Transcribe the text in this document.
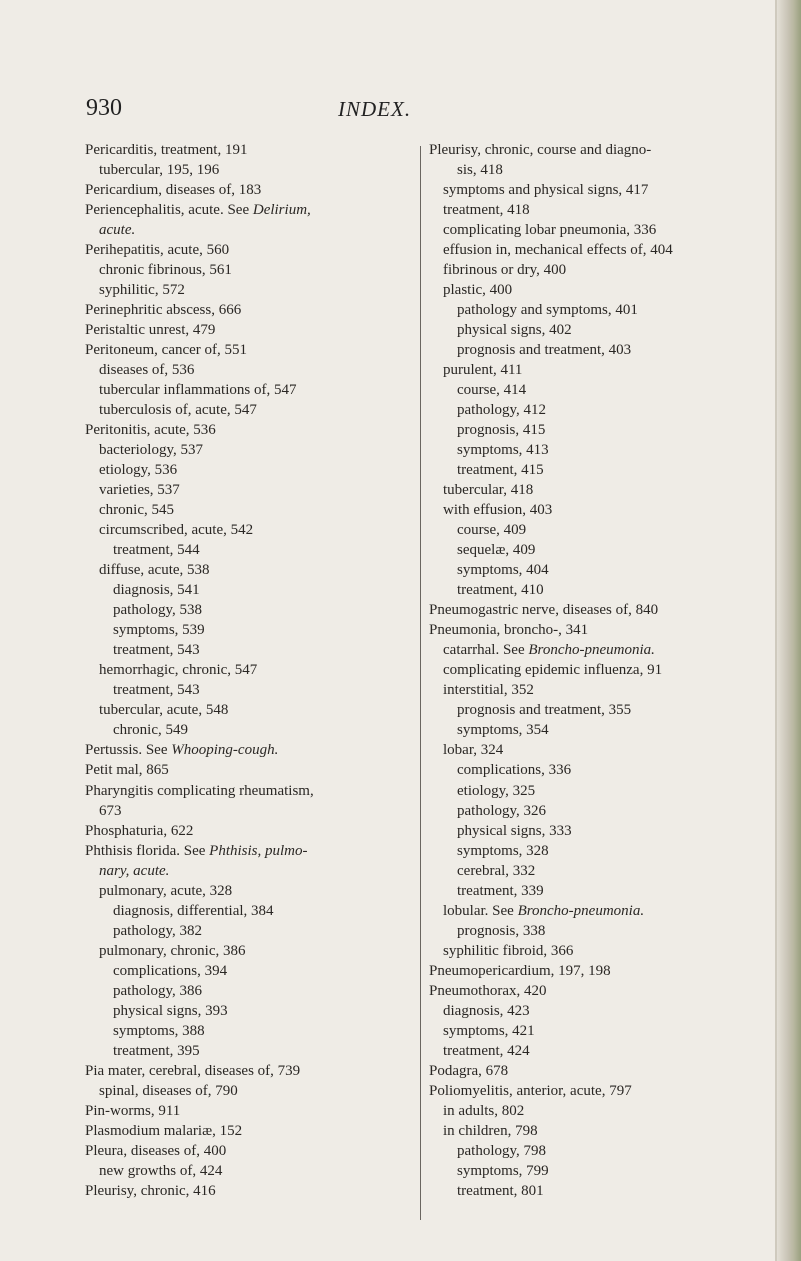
930	INDEX.
Pericarditis, treatment, 191
tubercular, 195, 196
Pericardium, diseases of, 183
Periencephalitis, acute. See Delirium,
acute.
Perihepatitis, acute, 560
chronic fibrinous, 561
syphilitic, 572
Perinephritic abscess, 666
Peristaltic unrest, 479
Peritoneum, cancer of, 551
diseases of, 536
tubercular inflammations of, 547
tuberculosis of, acute, 547
Peritonitis, acute, 536
bacteriology, 537
etiology, 536
varieties, 537
chronic, 545
circumscribed, acute, 542
treatment, 544
diffuse, acute, 538
diagnosis, 541
pathology, 538
symptoms, 539
treatment, 543
hemorrhagic, chronic, 547
treatment, 543
tubercular, acute, 548
chronic, 549
Pertussis. See Whooping-cough.
Petit mal, 865
Pharyngitis complicating rheumatism,
673
Phosphaturia, 622
Phthisis florida. See Phthisis, pulmo-
nary, acute.
pulmonary, acute, 328
diagnosis, differential, 384
pathology, 382
pulmonary, chronic, 386
complications, 394
pathology, 386
physical signs, 393
symptoms, 388
treatment, 395
Pia mater, cerebral, diseases of, 739
spinal, diseases of, 790
Pin-worms, 911
Plasmodium malariæ, 152
Pleura, diseases of, 400
new growths of, 424
Pleurisy, chronic, 416
Pleurisy, chronic, course and diagno-
sis, 418
symptoms and physical signs, 417
treatment, 418
complicating lobar pneumonia, 336
effusion in, mechanical effects of, 404
fibrinous or dry, 400
plastic, 400
pathology and symptoms, 401
physical signs, 402
prognosis and treatment, 403
purulent, 411
course, 414
pathology, 412
prognosis, 415
symptoms, 413
treatment, 415
tubercular, 418
with effusion, 403
course, 409
sequelæ, 409
symptoms, 404
treatment, 410
Pneumogastric nerve, diseases of, 840
Pneumonia, broncho-, 341
catarrhal. See Broncho-pneumonia.
complicating epidemic influenza, 91
interstitial, 352
prognosis and treatment, 355
symptoms, 354
lobar, 324
complications, 336
etiology, 325
pathology, 326
physical signs, 333
symptoms, 328
cerebral, 332
treatment, 339
lobular. See Broncho-pneumonia.
prognosis, 338
syphilitic fibroid, 366
Pneumopericardium, 197, 198
Pneumothorax, 420
diagnosis, 423
symptoms, 421
treatment, 424
Podagra, 678
Poliomyelitis, anterior, acute, 797
in adults, 802
in children, 798
pathology, 798
symptoms, 799
treatment, 801
